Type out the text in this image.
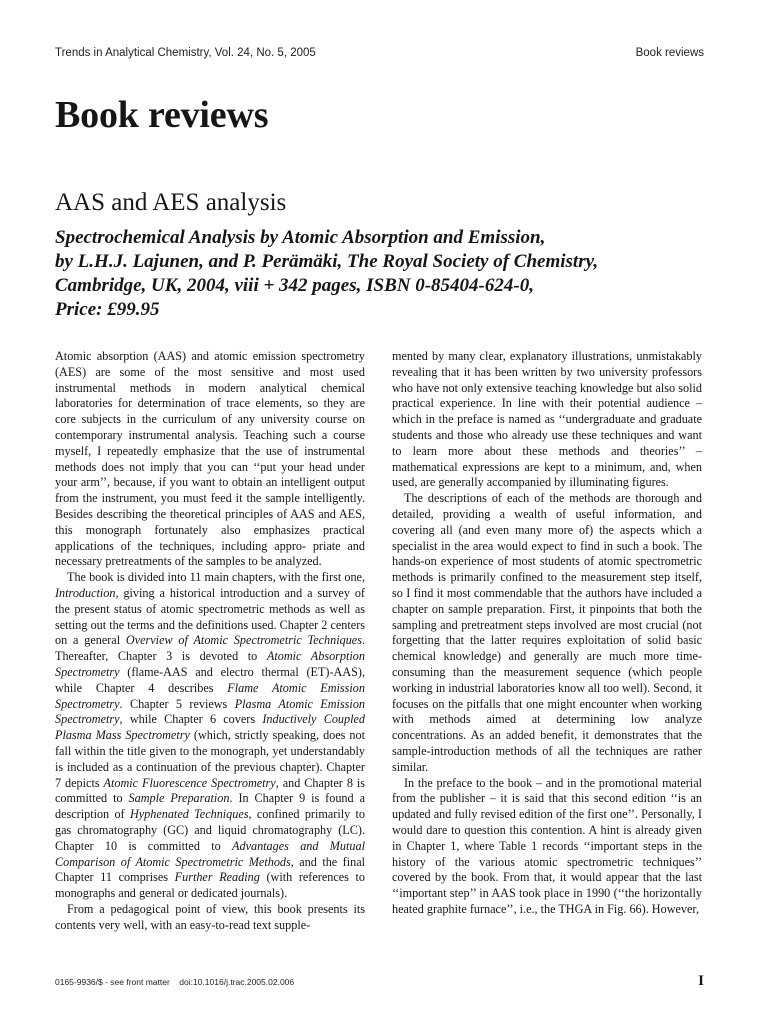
Trends in Analytical Chemistry, Vol. 24, No. 5, 2005	Book reviews
Book reviews
AAS and AES analysis
Spectrochemical Analysis by Atomic Absorption and Emission,
by L.H.J. Lajunen, and P. Perämäki, The Royal Society of Chemistry,
Cambridge, UK, 2004, viii + 342 pages, ISBN 0-85404-624-0,
Price: £99.95

Atomic absorption (AAS) and atomic emission spectrometry (AES) are some of the most sensitive and most used instrumental methods in modern analytical chemical laboratories for determination of trace elements, so they are core subjects in the curriculum of any university course on contemporary instrumental analysis. Teaching such a course myself, I repeatedly emphasize that the use of instrumental methods does not imply that you can ‘‘put your head under your arm’’, because, if you want to obtain an intelligent output from the instrument, you must feed it the sample intelligently. Besides describing the theoretical principles of AAS and AES, this monograph fortunately also emphasizes practical applications of the techniques, including appro- priate and necessary pretreatments of the samples to be analyzed.

The book is divided into 11 main chapters, with the first one, Introduction, giving a historical introduction and a survey of the present status of atomic spectrometric methods as well as setting out the terms and the definitions used. Chapter 2 centers on a general Overview of Atomic Spectrometric Techniques. Thereafter, Chapter 3 is devoted to Atomic Absorption Spectrometry (flame-AAS and electro thermal (ET)-AAS), while Chapter 4 describes Flame Atomic Emission Spectrometry. Chapter 5 reviews Plasma Atomic Emission Spectrometry, while Chapter 6 covers Inductively Coupled Plasma Mass Spectrometry (which, strictly speaking, does not fall within the title given to the monograph, yet understandably is included as a continuation of the previous chapter). Chapter 7 depicts Atomic Fluorescence Spectrometry, and Chapter 8 is committed to Sample Preparation. In Chapter 9 is found a description of Hyphenated Techniques, confined primarily to gas chromatography (GC) and liquid chromatography (LC). Chapter 10 is committed to Advantages and Mutual Comparison of Atomic Spectrometric Methods, and the final Chapter 11 comprises Further Reading (with references to monographs and general or dedicated journals).

From a pedagogical point of view, this book presents its contents very well, with an easy-to-read text supple-

mented by many clear, explanatory illustrations, unmistakably revealing that it has been written by two university professors who have not only extensive teaching knowledge but also solid practical experience. In line with their potential audience – which in the preface is named as ‘‘undergraduate and graduate students and those who already use these techniques and want to learn more about these methods and theories’’ – mathematical expressions are kept to a minimum, and, when used, are generally accompanied by illuminating figures.

The descriptions of each of the methods are thorough and detailed, providing a wealth of useful information, and covering all (and even many more of) the aspects which a specialist in the area would expect to find in such a book. The hands-on experience of most students of atomic spectrometric methods is primarily confined to the measurement step itself, so I find it most commendable that the authors have included a chapter on sample preparation. First, it pinpoints that both the sampling and pretreatment steps involved are most crucial (not forgetting that the latter requires exploitation of solid basic chemical knowledge) and generally are much more time- consuming than the measurement sequence (which people working in industrial laboratories know all too well). Second, it focuses on the pitfalls that one might encounter when working with methods aimed at determining low analyze concentrations. As an added benefit, it demonstrates that the sample-introduction methods of all the techniques are rather similar.

In the preface to the book – and in the promotional material from the publisher – it is said that this second edition ‘‘is an updated and fully revised edition of the first one’’. Personally, I would dare to question this contention. A hint is already given in Chapter 1, where Table 1 records ‘‘important steps in the history of the various atomic spectrometric techniques’’ covered by the book. From that, it would appear that the last ‘‘important step’’ in AAS took place in 1990 (‘‘the horizontally heated graphite furnace’’, i.e., the THGA in Fig. 66). However,

0165-9936/$ - see front matter doi:10.1016/j.trac.2005.02.006	I
